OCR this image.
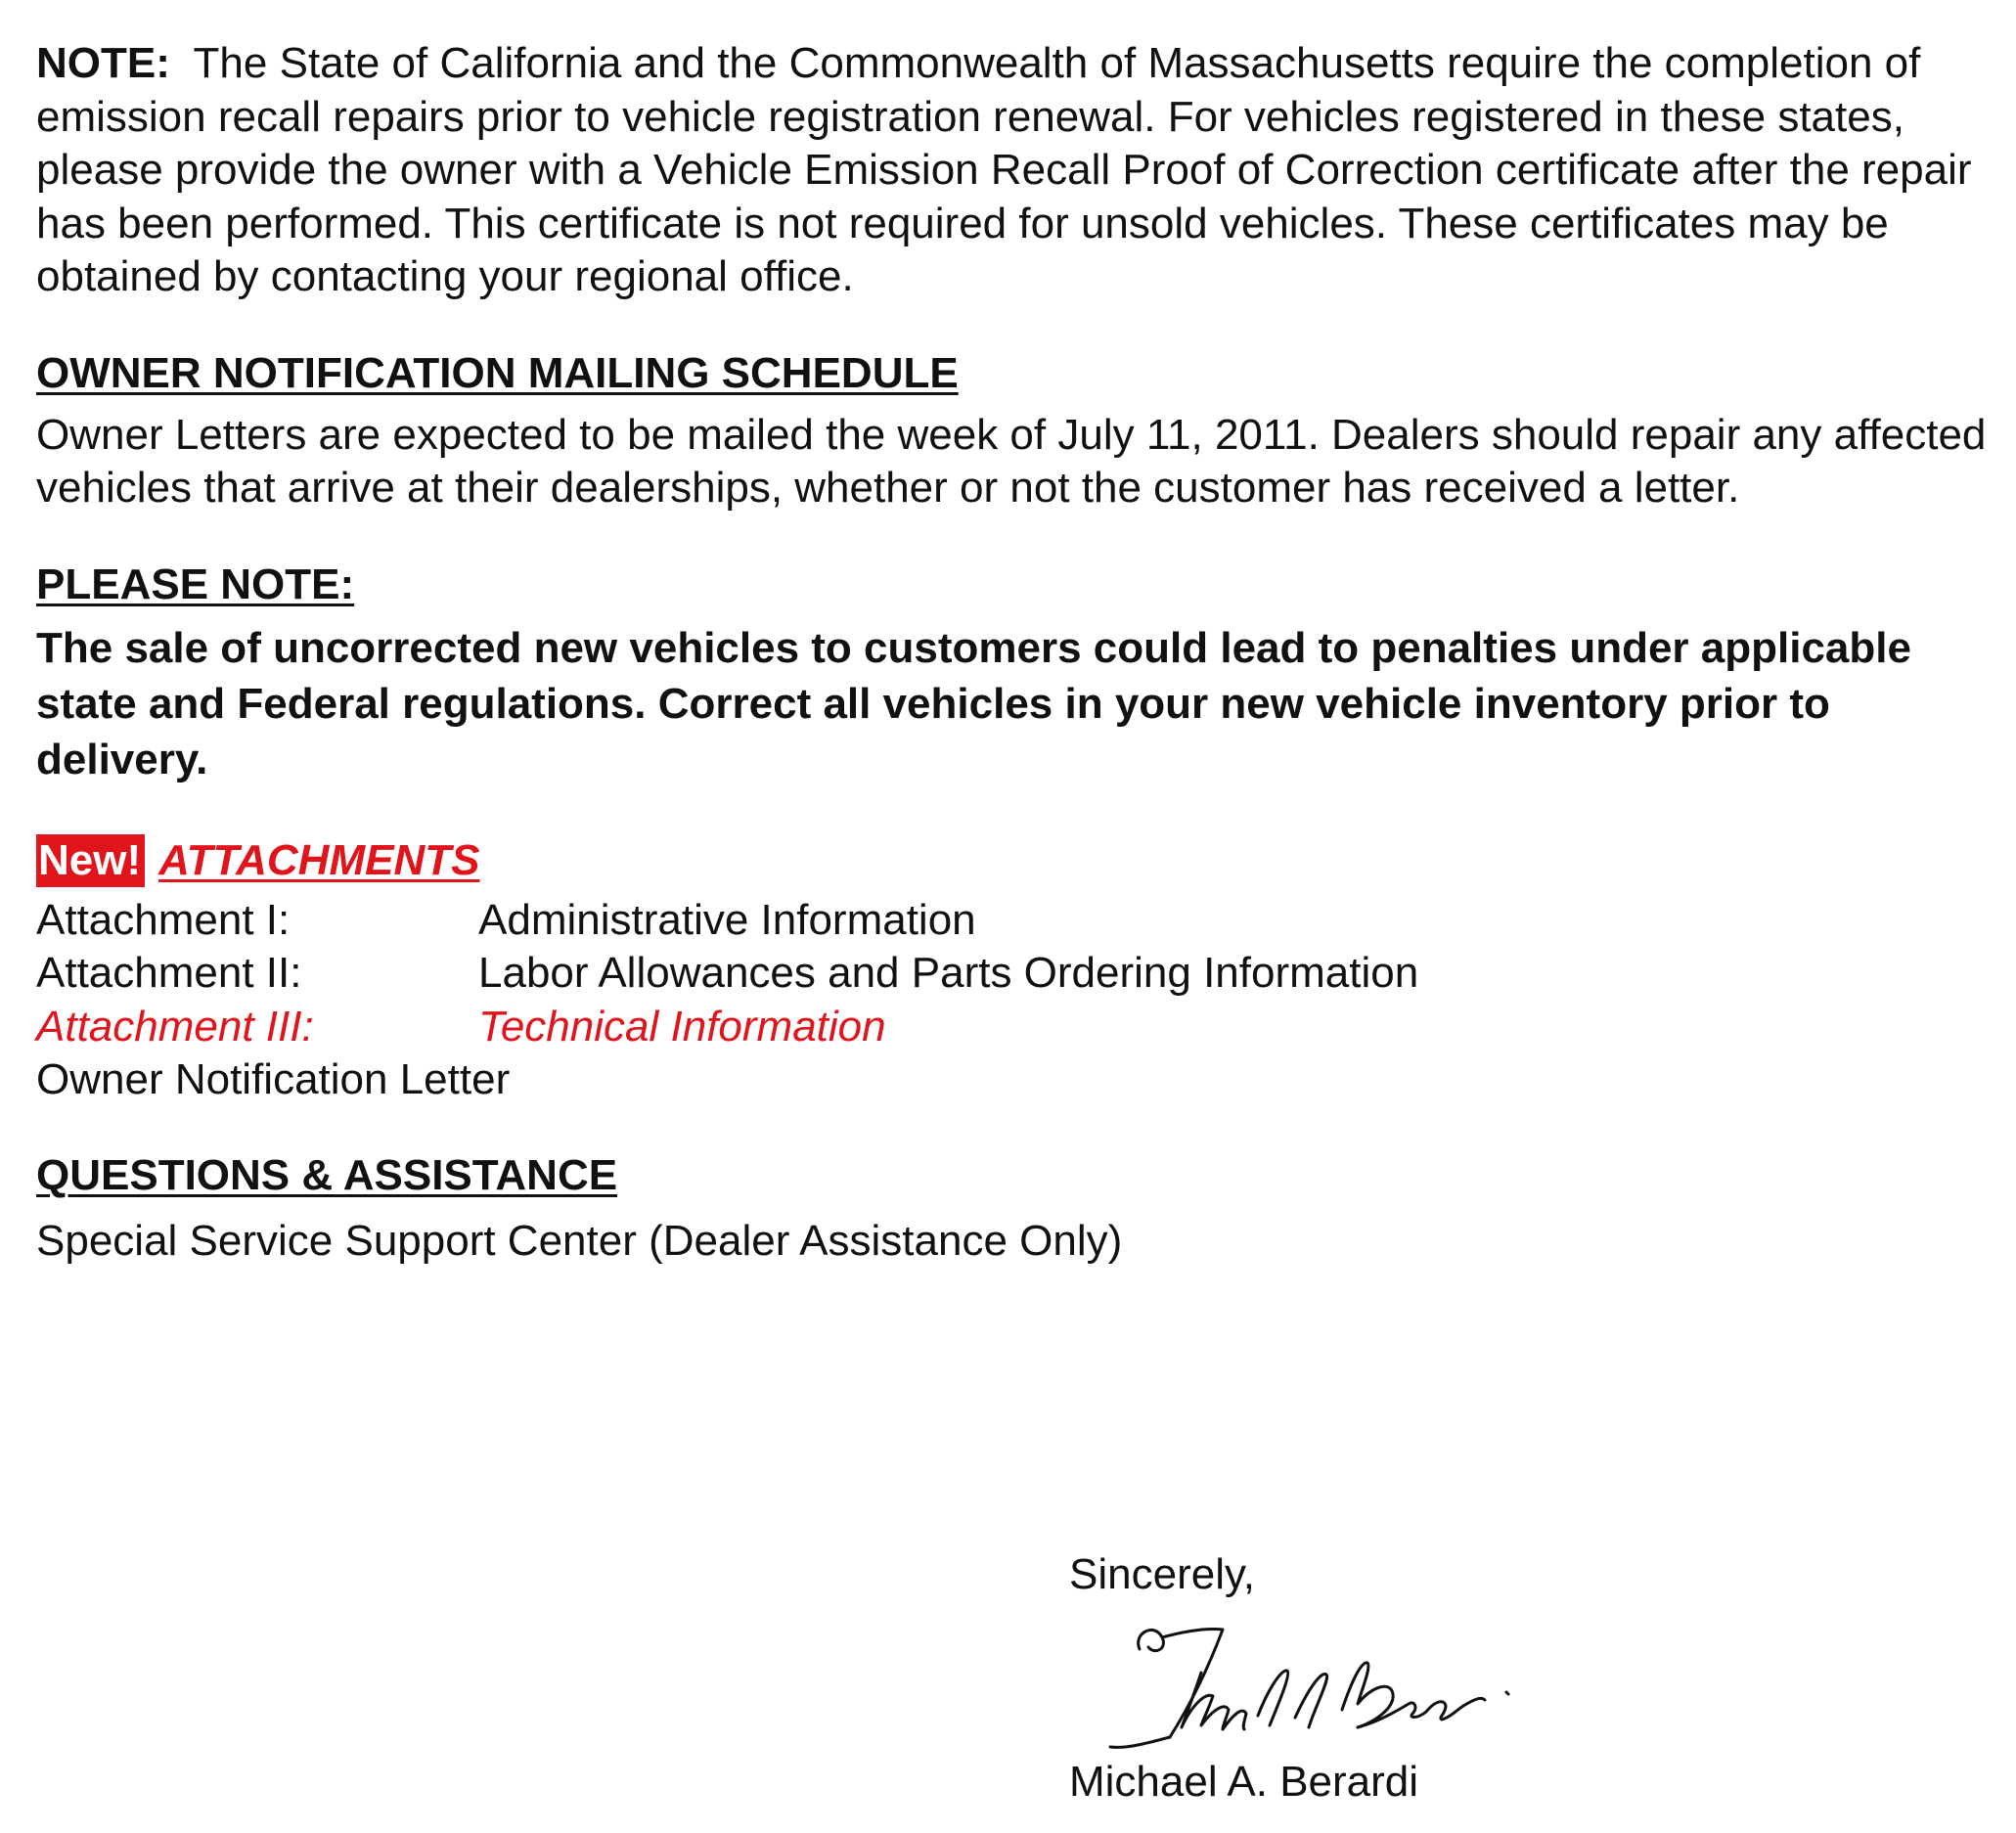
NOTE: The State of California and the Commonwealth of Massachusetts require the completion of emission recall repairs prior to vehicle registration renewal. For vehicles registered in these states, please provide the owner with a Vehicle Emission Recall Proof of Correction certificate after the repair has been performed. This certificate is not required for unsold vehicles. These certificates may be obtained by contacting your regional office.

OWNER NOTIFICATION MAILING SCHEDULE

Owner Letters are expected to be mailed the week of July 11, 2011. Dealers should repair any affected vehicles that arrive at their dealerships, whether or not the customer has received a letter.

PLEASE NOTE:

The sale of uncorrected new vehicles to customers could lead to penalties under applicable state and Federal regulations. Correct all vehicles in your new vehicle inventory prior to delivery.

New! ATTACHMENTS
Attachment I:	Administrative Information
Attachment II:	Labor Allowances and Parts Ordering Information
Attachment III:	Technical Information
Owner Notification Letter
QUESTIONS & ASSISTANCE

Special Service Support Center (Dealer Assistance Only)

Sincerely,
Michael A. Berardi
